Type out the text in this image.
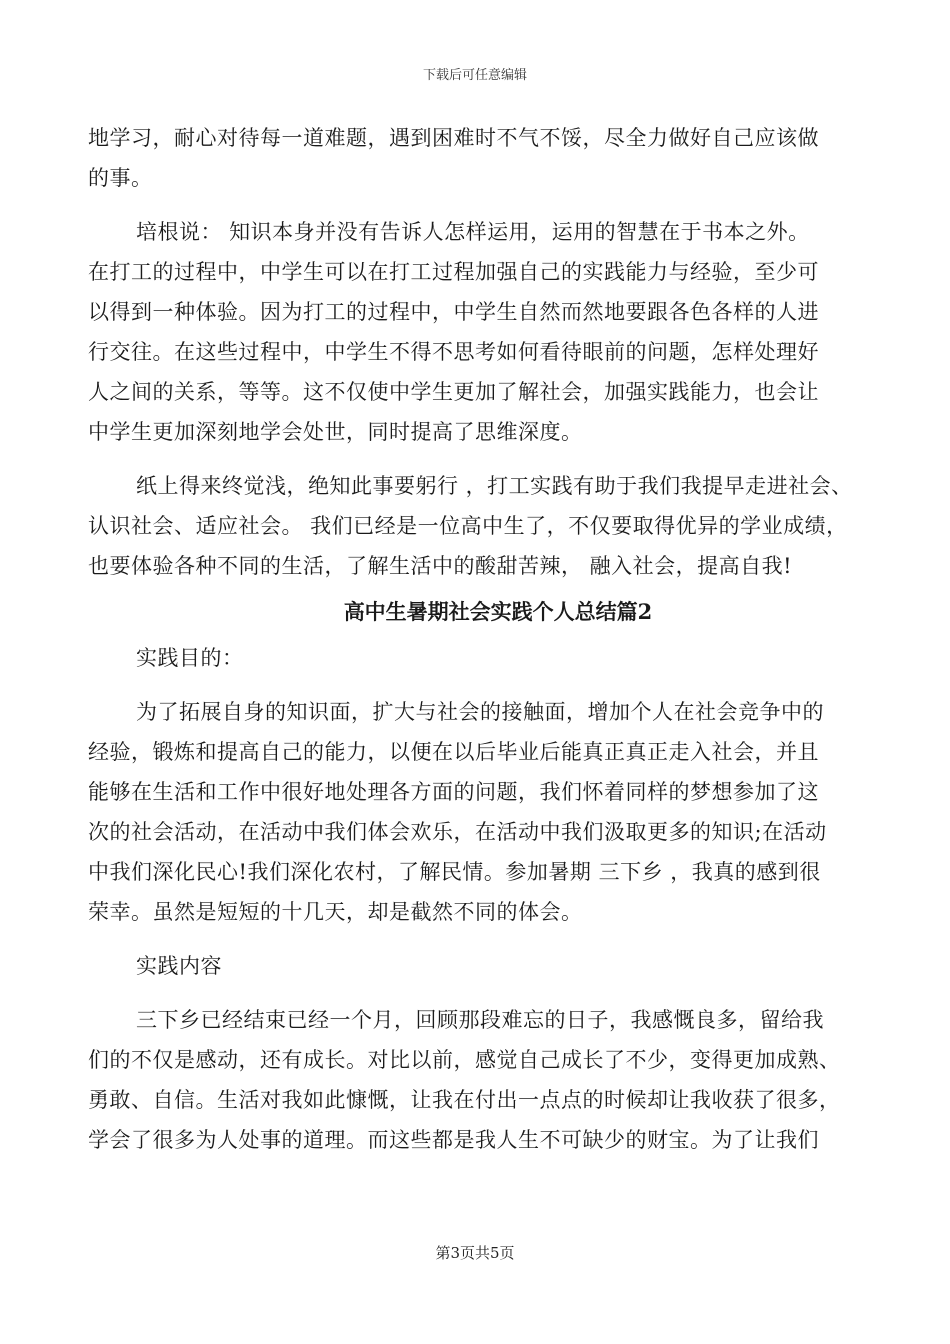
下载后可任意编辑
地学习，耐心对待每一道难题，遇到困难时不气不馁，尽全力做好自己应该做
的事。
培根说： 知识本身并没有告诉人怎样运用，运用的智慧在于书本之外。
在打工的过程中，中学生可以在打工过程加强自己的实践能力与经验，至少可
以得到一种体验。因为打工的过程中，中学生自然而然地要跟各色各样的人进
行交往。在这些过程中，中学生不得不思考如何看待眼前的问题，怎样处理好
人之间的关系，等等。这不仅使中学生更加了解社会，加强实践能力，也会让
中学生更加深刻地学会处世，同时提高了思维深度。
纸上得来终觉浅，绝知此事要躬行 ，打工实践有助于我们我提早走进社会、
认识社会、适应社会。 我们已经是一位高中生了，不仅要取得优异的学业成绩，
也要体验各种不同的生活，了解生活中的酸甜苦辣， 融入社会，提高自我!
高中生暑期社会实践个人总结篇2
实践目的：
为了拓展自身的知识面，扩大与社会的接触面，增加个人在社会竞争中的
经验，锻炼和提高自己的能力，以便在以后毕业后能真正真正走入社会，并且
能够在生活和工作中很好地处理各方面的问题，我们怀着同样的梦想参加了这
次的社会活动，在活动中我们体会欢乐，在活动中我们汲取更多的知识;在活动
中我们深化民心!我们深化农村，了解民情。参加暑期 三下乡 ，我真的感到很
荣幸。虽然是短短的十几天，却是截然不同的体会。
实践内容
三下乡已经结束已经一个月，回顾那段难忘的日子，我感慨良多，留给我
们的不仅是感动，还有成长。对比以前，感觉自己成长了不少，变得更加成熟、
勇敢、自信。生活对我如此慷慨，让我在付出一点点的时候却让我收获了很多，
学会了很多为人处事的道理。而这些都是我人生不可缺少的财宝。为了让我们
第3页共5页
